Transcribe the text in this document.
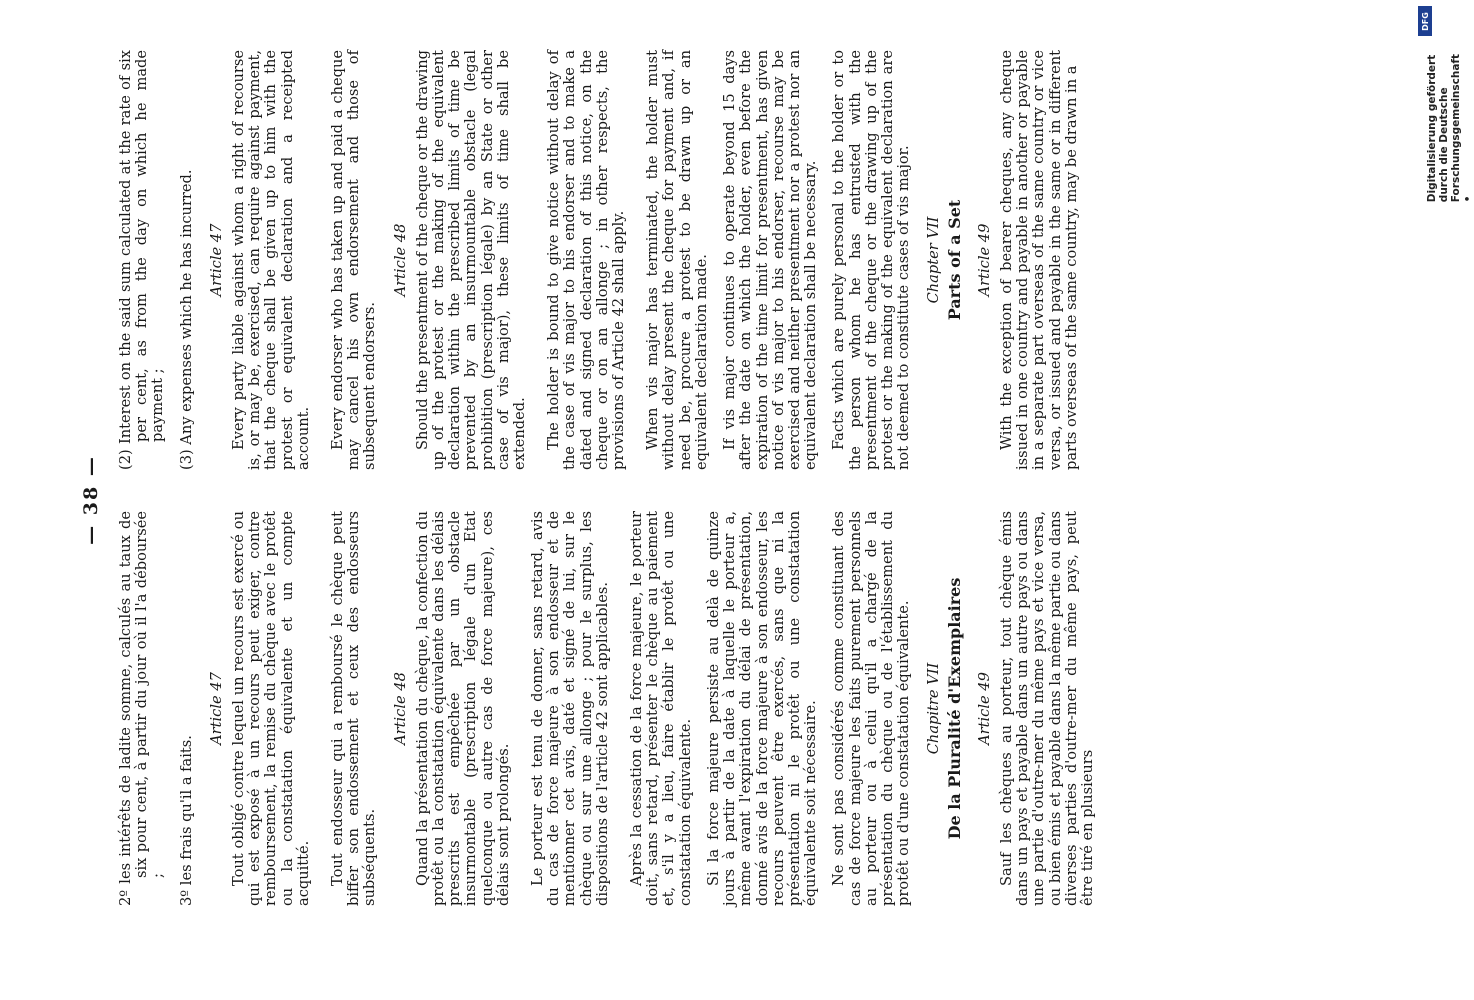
— 38 —

2º les intérêts de ladite somme, calculés au taux de six pour cent, à partir du jour où il l'a déboursée ; 3º les frais qu'il a faits.

Article 47 Tout obligé contre lequel un recours est exercé ou qui est exposé à un recours peut exiger, contre remboursement, la remise du chèque avec le protêt ou la constatation équivalente et un compte acquitté. Tout endosseur qui a remboursé le chèque peut biffer son endossement et ceux des endosseurs subséquents.

Article 48 Quand la présentation du chèque, la confection du protêt ou la constatation équivalente dans les délais prescrits est empêchée par un obstacle insurmontable (prescription légale d'un Etat quelconque ou autre cas de force majeure), ces délais sont prolongés. Le porteur est tenu de donner, sans retard, avis du cas de force majeure à son endosseur et de mentionner cet avis, daté et signé de lui, sur le chèque ou sur une allonge ; pour le surplus, les dispositions de l'article 42 sont applicables. Après la cessation de la force majeure, le porteur doit, sans retard, présenter le chèque au paiement et, s'il y a lieu, faire établir le protêt ou une constatation équivalente. Si la force majeure persiste au delà de quinze jours à partir de la date à laquelle le porteur a, même avant l'expiration du délai de présentation, donné avis de la force majeure à son endosseur, les recours peuvent être exercés, sans que ni la présentation ni le protêt ou une constatation équivalente soit nécessaire. Ne sont pas considérés comme constituant des cas de force majeure les faits purement personnels au porteur ou à celui qu'il a chargé de la présentation du chèque ou de l'établissement du protêt ou d'une constatation équivalente. Chapitre VII De la Pluralité d'Exemplaires Article 49 Sauf les chèques au porteur, tout chèque émis dans un pays et payable dans un autre pays ou dans une partie d'outre-mer du même pays et vice versa, ou bien émis et payable dans la même partie ou dans diverses parties d'outre-mer du même pays, peut être tiré en plusieurs

(2) Interest on the said sum calculated at the rate of six per cent, as from the day on which he made payment ; (3) Any expenses which he has incurred. Article 47 Every party liable against whom a right of recourse is, or may be, exercised, can require against payment, that the cheque shall be given up to him with the protest or equivalent declaration and a receipted account. Every endorser who has taken up and paid a cheque may cancel his own endorsement and those of subsequent endorsers.

Article 48 Should the presentment of the cheque or the drawing up of the protest or the making of the equivalent declaration within the prescribed limits of time be prevented by an insurmountable obstacle (legal prohibition (prescription légale) by an State or other case of vis major), these limits of time shall be extended. The holder is bound to give notice without delay of the case of vis major to his endorser and to make a dated and signed declaration of this notice, on the cheque or on an allonge ; in other respects, the provisions of Article 42 shall apply. When vis major has terminated, the holder must without delay present the cheque for payment and, if need be, procure a protest to be drawn up or an equivalent declaration made. If vis major continues to operate beyond 15 days after the date on which the holder, even before the expiration of the time limit for presentment, has given notice of vis major to his endorser, recourse may be exercised and neither presentment nor a protest nor an equivalent declaration shall be necessary. Facts which are purely personal to the holder or to the person whom he has entrusted with the presentment of the cheque or the drawing up of the protest or the making of the equivalent declaration are not deemed to constitute cases of vis major. Chapter VII Parts of a Set Article 49 With the exception of bearer cheques, any cheque issued in one country and payable in another or payable in a separate part overseas of the same country or vice versa, or issued and payable in the same or in different parts overseas of the same country, may be drawn in a

DFG
Digitalisierung gefördert durch die Deutsche Forschungsgemeinschaft •
